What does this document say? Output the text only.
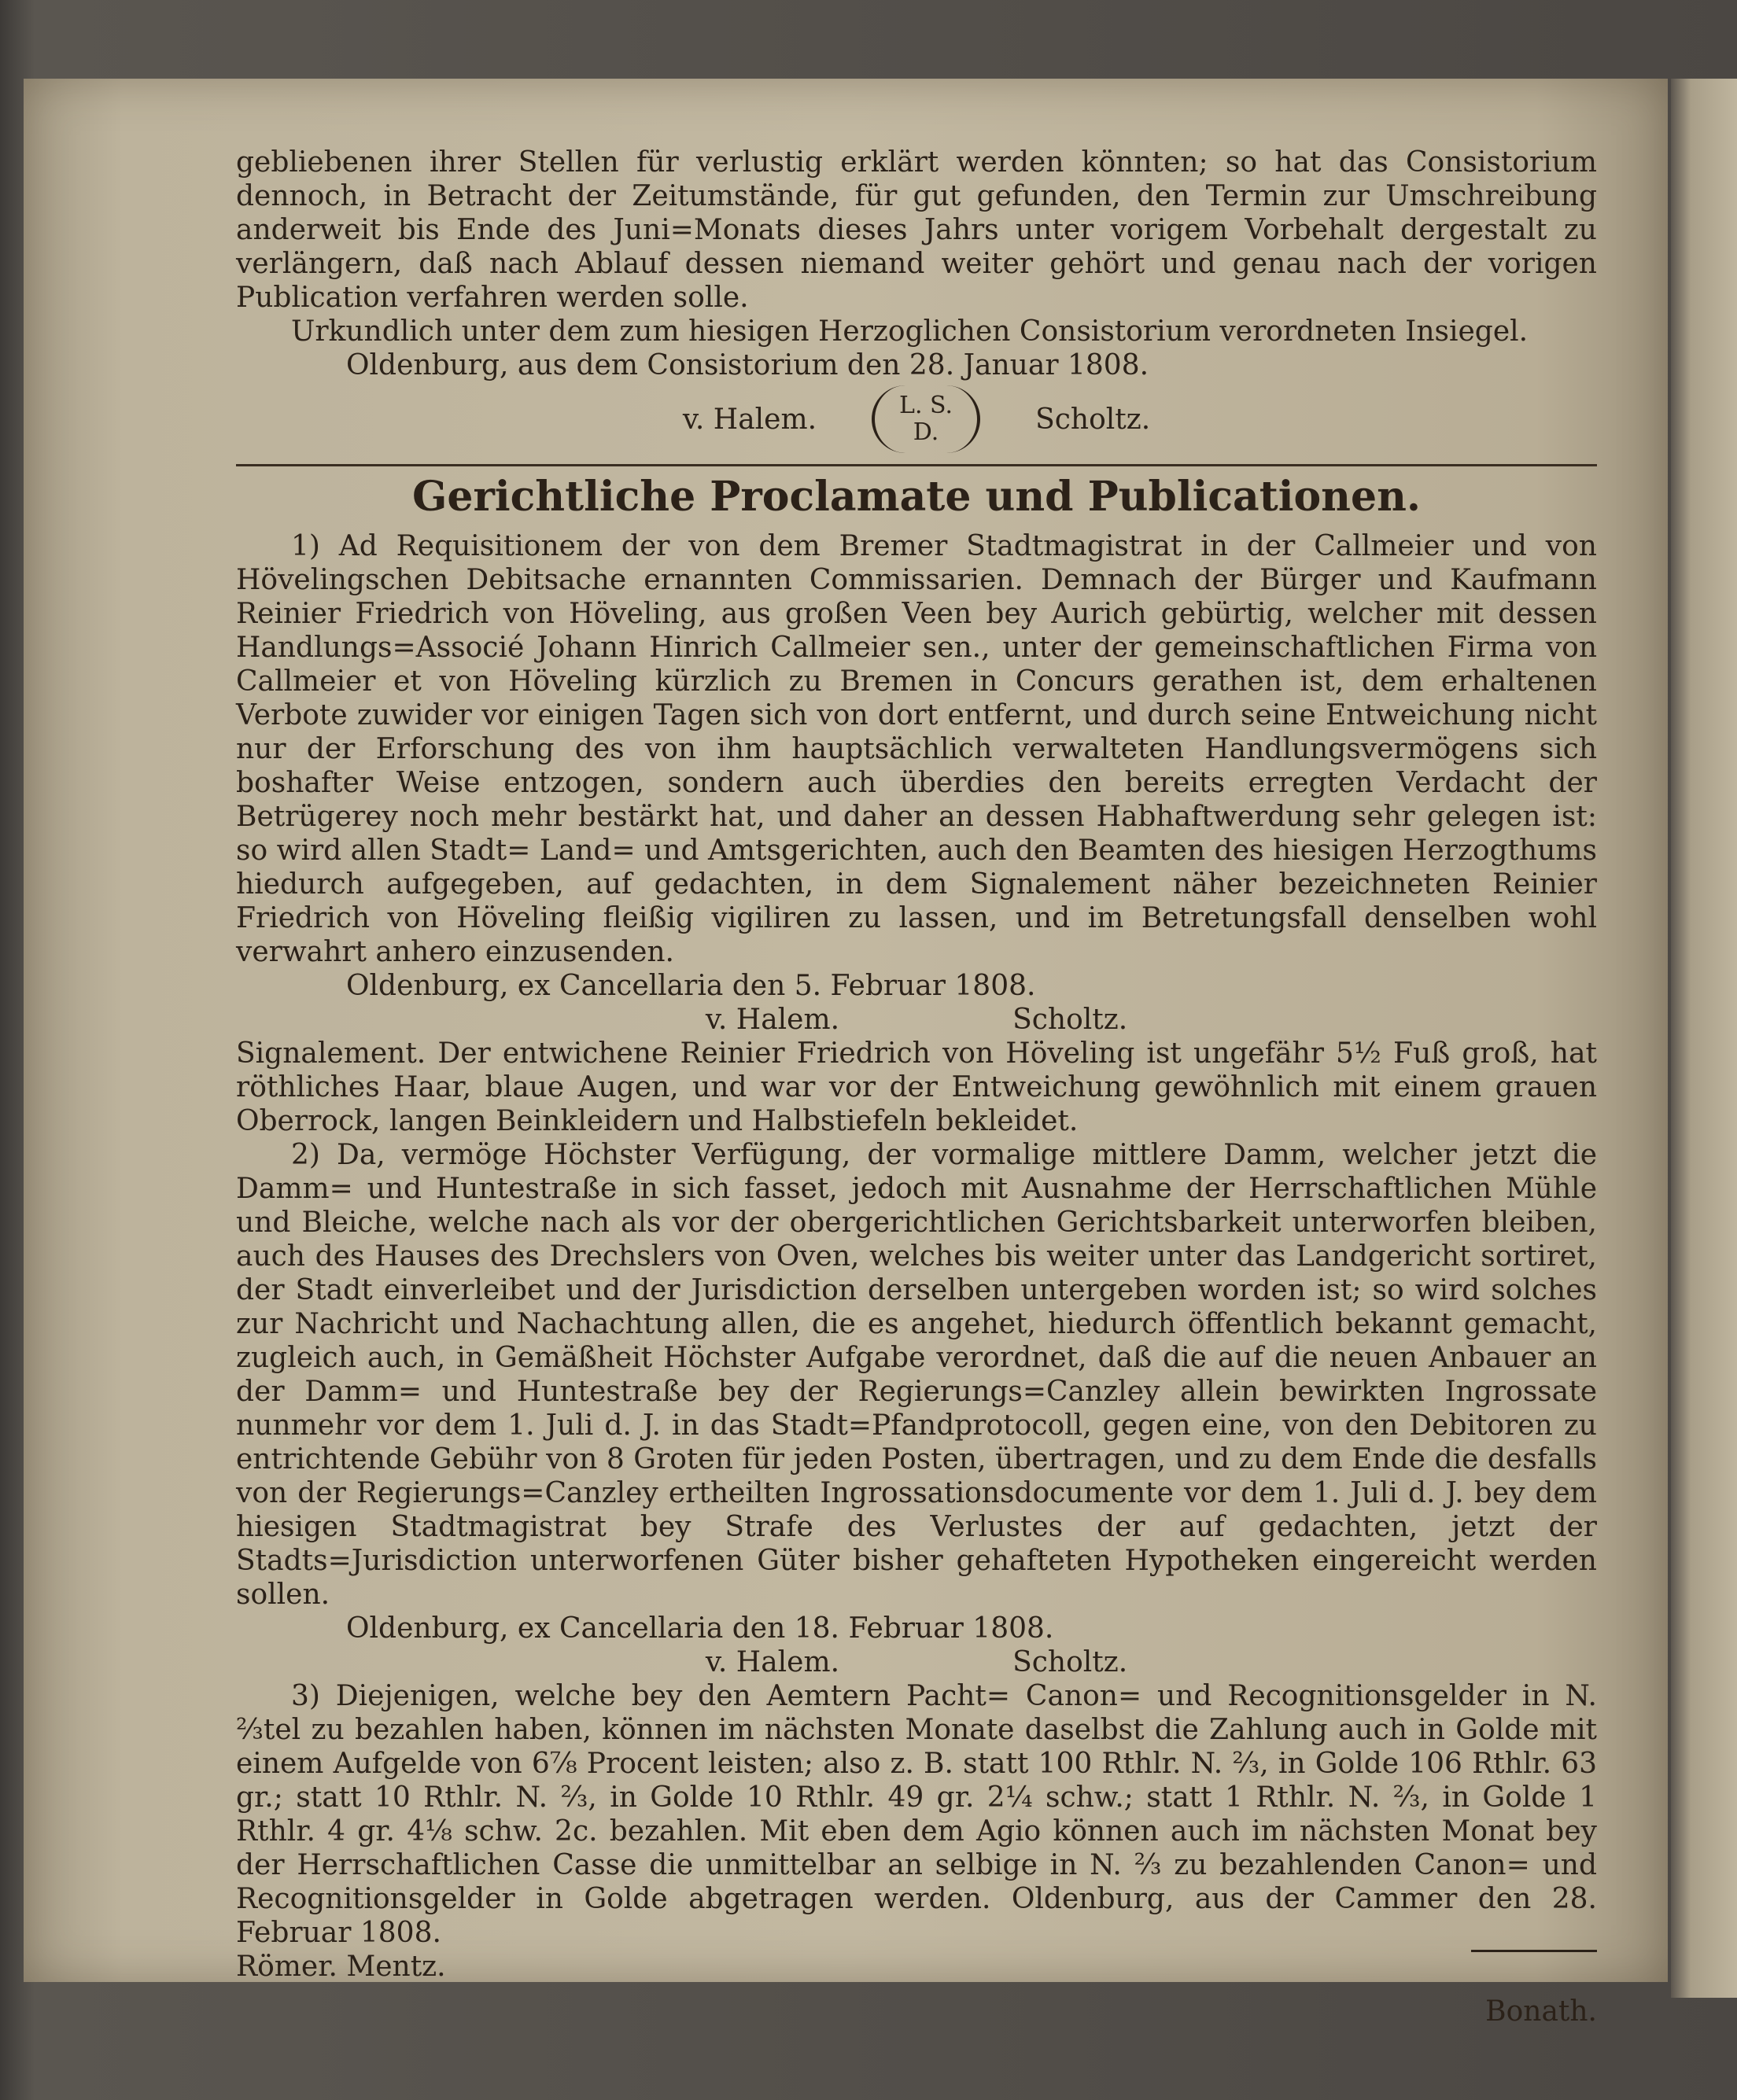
gebliebenen ihrer Stellen für verlustig erklärt werden könnten; so hat das Consistorium dennoch, in Betracht der Zeitumstände, für gut gefunden, den Termin zur Umschreibung anderweit bis Ende des Juni=Monats dieses Jahrs unter vorigem Vorbehalt dergestalt zu verlängern, daß nach Ablauf dessen niemand weiter gehört und genau nach der vorigen Publication verfahren werden solle.

Urkundlich unter dem zum hiesigen Herzoglichen Consistorium verordneten Insiegel.

Oldenburg, aus dem Consistorium den 28. Januar 1808.

v. Halem.	L. S.
D.	Scholtz.
Gerichtliche Proclamate und Publicationen.

1) Ad Requisitionem der von dem Bremer Stadtmagistrat in der Callmeier und von Hövelingschen Debitsache ernannten Commissarien. Demnach der Bürger und Kaufmann Reinier Friedrich von Höveling, aus großen Veen bey Aurich gebürtig, welcher mit dessen Handlungs=Associé Johann Hinrich Callmeier sen., unter der gemeinschaftlichen Firma von Callmeier et von Höveling kürzlich zu Bremen in Concurs gerathen ist, dem erhaltenen Verbote zuwider vor einigen Tagen sich von dort entfernt, und durch seine Entweichung nicht nur der Erforschung des von ihm hauptsächlich verwalteten Handlungsvermögens sich boshafter Weise entzogen, sondern auch überdies den bereits erregten Verdacht der Betrügerey noch mehr bestärkt hat, und daher an dessen Habhaftwerdung sehr gelegen ist: so wird allen Stadt= Land= und Amtsgerichten, auch den Beamten des hiesigen Herzogthums hiedurch aufgegeben, auf gedachten, in dem Signalement näher bezeichneten Reinier Friedrich von Höveling fleißig vigiliren zu lassen, und im Betretungsfall denselben wohl verwahrt anhero einzusenden.

Oldenburg, ex Cancellaria den 5. Februar 1808.

v. Halem.	Scholtz.

Signalement. Der entwichene Reinier Friedrich von Höveling ist ungefähr 5½ Fuß groß, hat röthliches Haar, blaue Augen, und war vor der Entweichung gewöhnlich mit einem grauen Oberrock, langen Beinkleidern und Halbstiefeln bekleidet.

2) Da, vermöge Höchster Verfügung, der vormalige mittlere Damm, welcher jetzt die Damm= und Huntestraße in sich fasset, jedoch mit Ausnahme der Herrschaftlichen Mühle und Bleiche, welche nach als vor der obergerichtlichen Gerichtsbarkeit unterworfen bleiben, auch des Hauses des Drechslers von Oven, welches bis weiter unter das Landgericht sortiret, der Stadt einverleibet und der Jurisdiction derselben untergeben worden ist; so wird solches zur Nachricht und Nachachtung allen, die es angehet, hiedurch öffentlich bekannt gemacht, zugleich auch, in Gemäßheit Höchster Aufgabe verordnet, daß die auf die neuen Anbauer an der Damm= und Huntestraße bey der Regierungs=Canzley allein bewirkten Ingrossate nunmehr vor dem 1. Juli d. J. in das Stadt=Pfandprotocoll, gegen eine, von den Debitoren zu entrichtende Gebühr von 8 Groten für jeden Posten, übertragen, und zu dem Ende die desfalls von der Regierungs=Canzley ertheilten Ingrossationsdocumente vor dem 1. Juli d. J. bey dem hiesigen Stadtmagistrat bey Strafe des Verlustes der auf gedachten, jetzt der Stadts=Jurisdiction unterworfenen Güter bisher gehafteten Hypotheken eingereicht werden sollen.

Oldenburg, ex Cancellaria den 18. Februar 1808.

v. Halem.	Scholtz.

3) Diejenigen, welche bey den Aemtern Pacht= Canon= und Recognitionsgelder in N. ⅔tel zu bezahlen haben, können im nächsten Monate daselbst die Zahlung auch in Golde mit einem Aufgelde von 6⅞ Procent leisten; also z. B. statt 100 Rthlr. N. ⅔, in Golde 106 Rthlr. 63 gr.; statt 10 Rthlr. N. ⅔, in Golde 10 Rthlr. 49 gr. 2¼ schw.; statt 1 Rthlr. N. ⅔, in Golde 1 Rthlr. 4 gr. 4⅛ schw. 2c. bezahlen. Mit eben dem Agio können auch im nächsten Monat bey der Herrschaftlichen Casse die unmittelbar an selbige in N. ⅔ zu bezahlenden Canon= und Recognitionsgelder in Golde abgetragen werden. Oldenburg, aus der Cammer den 28. Februar 1808.

Römer. Mentz.
Bonath.
